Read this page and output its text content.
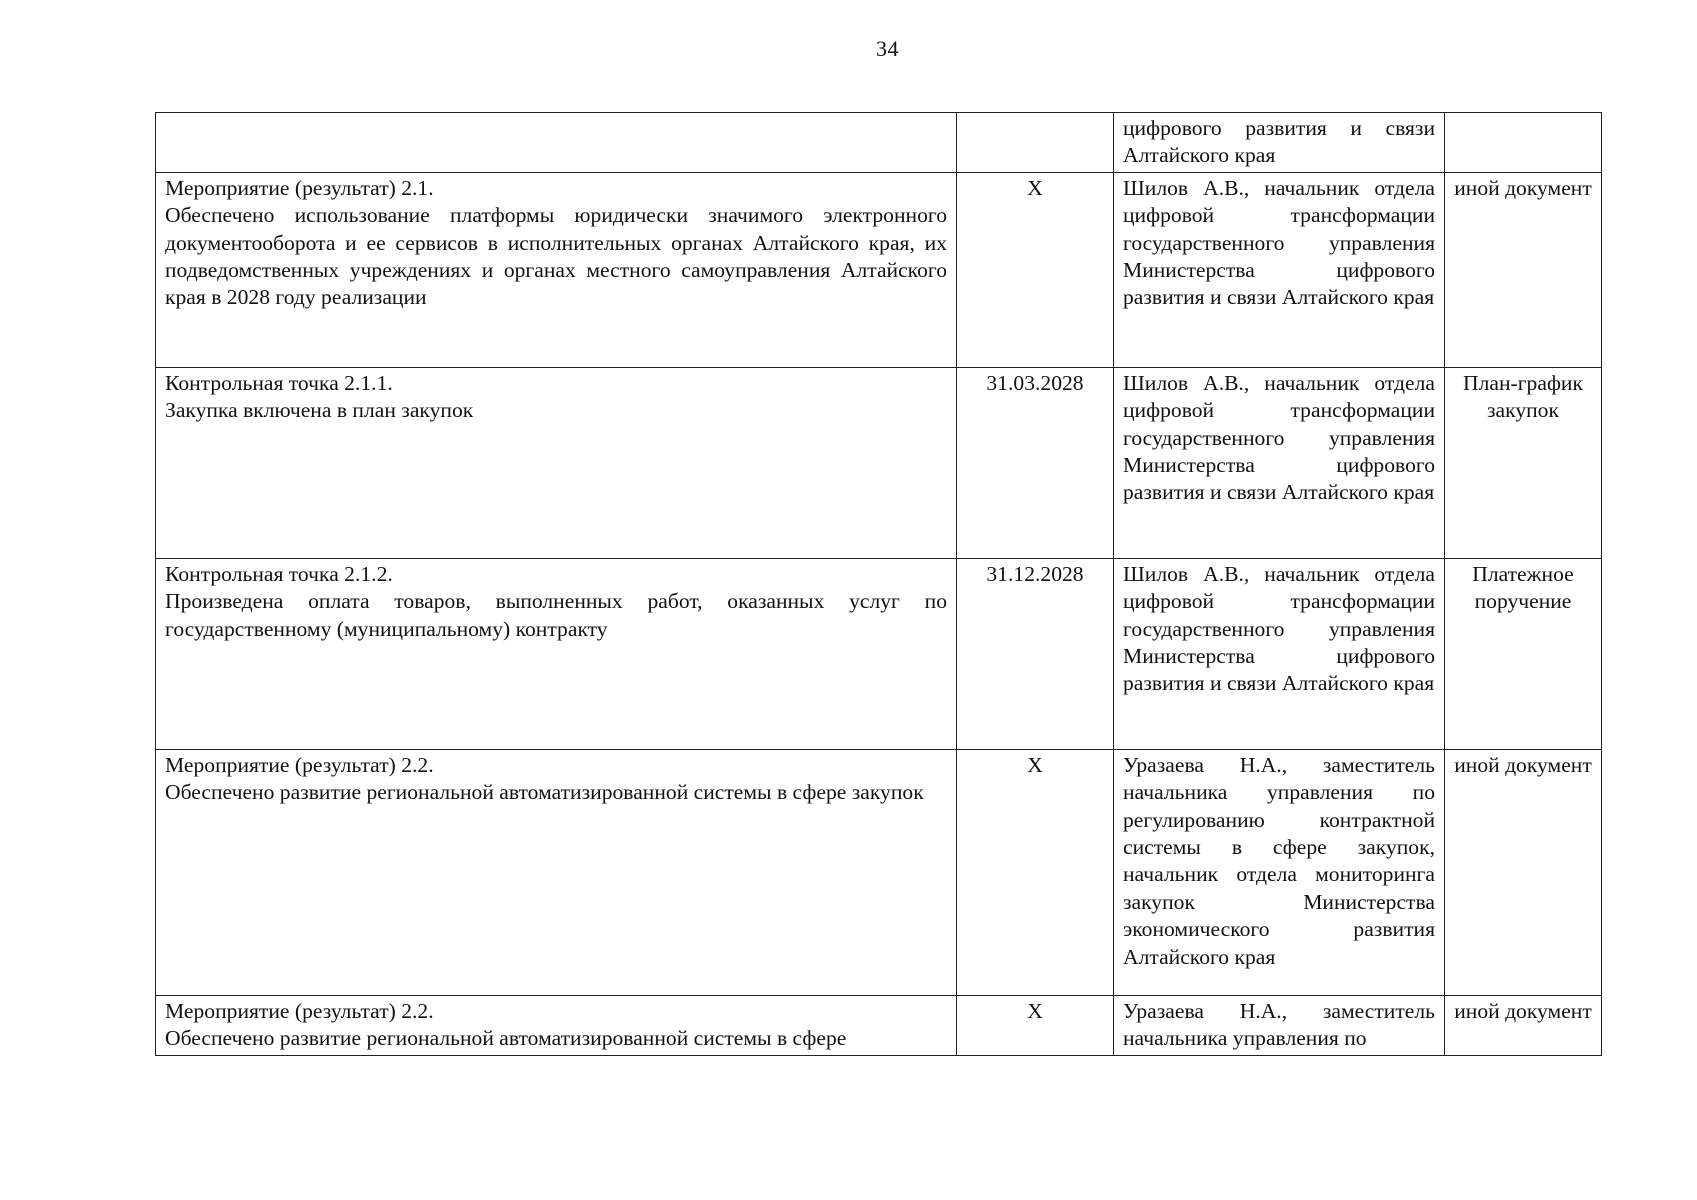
34
		цифрового развития и связи Алтайского края	

Мероприятие (результат) 2.1.
Обеспечено использование платформы юридически значимого электронного документооборота и ее сервисов в исполнительных органах Алтайского края, их подведомственных учреждениях и органах местного самоуправления Алтайского края в 2028 году реализации	Х	Шилов А.В., начальник отдела цифровой трансформации государственного управления Министерства цифрового развития и связи Алтайского края	иной документ

Контрольная точка 2.1.1.
Закупка включена в план закупок	31.03.2028	Шилов А.В., начальник отдела цифровой трансформации государственного управления Министерства цифрового развития и связи Алтайского края	План-график закупок

Контрольная точка 2.1.2.
Произведена оплата товаров, выполненных работ, оказанных услуг по государственному (муниципальному) контракту	31.12.2028	Шилов А.В., начальник отдела цифровой трансформации государственного управления Министерства цифрового развития и связи Алтайского края	Платежное поручение

Мероприятие (результат) 2.2.
Обеспечено развитие региональной автоматизированной системы в сфере закупок	Х	Уразаева Н.А., заместитель начальника управления по регулированию контрактной системы в сфере закупок, начальник отдела мониторинга закупок Министерства экономического развития Алтайского края	иной документ

Мероприятие (результат) 2.2.
Обеспечено развитие региональной автоматизированной системы в сфере	Х	Уразаева Н.А., заместитель начальника управления по	иной документ
